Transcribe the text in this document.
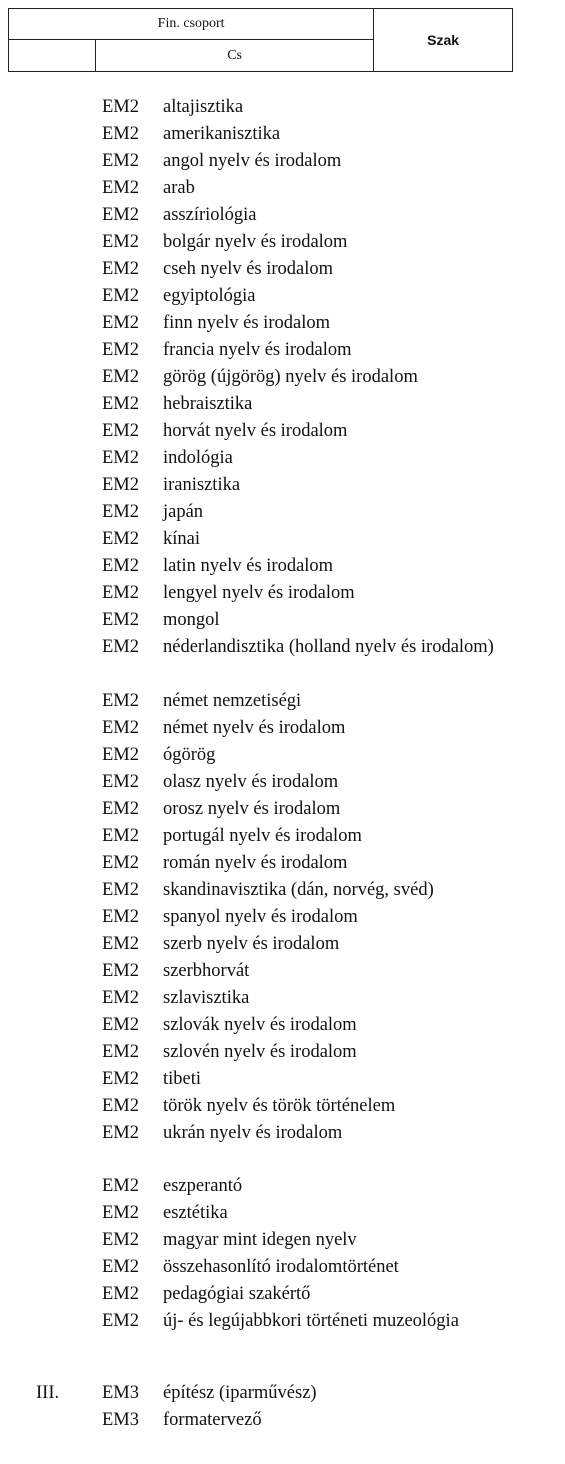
Fin. csoport		Szak
	Cs	
EM2 altajisztika
EM2 amerikanisztika
EM2 angol nyelv és irodalom
EM2 arab
EM2 asszíriológia
EM2 bolgár nyelv és irodalom
EM2 cseh nyelv és irodalom
EM2 egyiptológia
EM2 finn nyelv és irodalom
EM2 francia nyelv és irodalom
EM2 görög (újgörög) nyelv és irodalom
EM2 hebraisztika
EM2 horvát nyelv és irodalom
EM2 indológia
EM2 iranisztika
EM2 japán
EM2 kínai
EM2 latin nyelv és irodalom
EM2 lengyel nyelv és irodalom
EM2 mongol
EM2 néderlandisztika (holland nyelv és irodalom)
EM2 német nemzetiségi
EM2 német nyelv és irodalom
EM2 ógörög
EM2 olasz nyelv és irodalom
EM2 orosz nyelv és irodalom
EM2 portugál nyelv és irodalom
EM2 román nyelv és irodalom
EM2 skandinavisztika (dán, norvég, svéd)
EM2 spanyol nyelv és irodalom
EM2 szerb nyelv és irodalom
EM2 szerbhorvát
EM2 szlavisztika
EM2 szlovák nyelv és irodalom
EM2 szlovén nyelv és irodalom
EM2 tibeti
EM2 török nyelv és török történelem
EM2 ukrán nyelv és irodalom
EM2 eszperantó
EM2 esztétika
EM2 magyar mint idegen nyelv
EM2 összehasonlító irodalomtörténet
EM2 pedagógiai szakértő
EM2 új- és legújabbkori történeti muzeológia
III. EM3 építész (iparművész)
EM3 formatervező
